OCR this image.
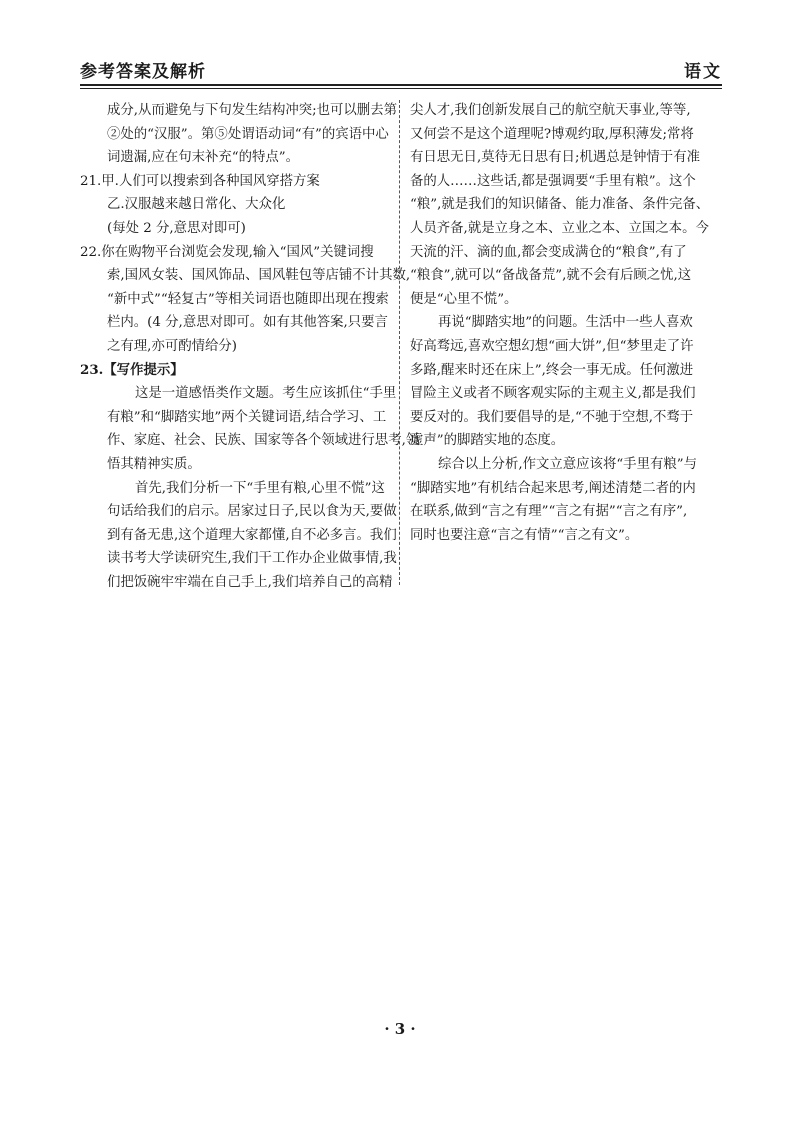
参考答案及解析	语文
成分,从而避免与下句发生结构冲突;也可以删去第
②处的“汉服”。第⑤处谓语动词“有”的宾语中心
词遗漏,应在句末补充“的特点”。
21.甲.人们可以搜索到各种国风穿搭方案
乙.汉服越来越日常化、大众化
(每处 2 分,意思对即可)
22.你在购物平台浏览会发现,输入“国风”关键词搜
索,国风女装、国风饰品、国风鞋包等店铺不计其数,
“新中式”“轻复古”等相关词语也随即出现在搜索
栏内。(4 分,意思对即可。如有其他答案,只要言
之有理,亦可酌情给分)
23.【写作提示】
这是一道感悟类作文题。考生应该抓住“手里
有粮”和“脚踏实地”两个关键词语,结合学习、工
作、家庭、社会、民族、国家等各个领域进行思考,领
悟其精神实质。
首先,我们分析一下“手里有粮,心里不慌”这
句话给我们的启示。居家过日子,民以食为天,要做
到有备无患,这个道理大家都懂,自不必多言。我们
读书考大学读研究生,我们干工作办企业做事情,我
们把饭碗牢牢端在自己手上,我们培养自己的高精
尖人才,我们创新发展自己的航空航天事业,等等,
又何尝不是这个道理呢?博观约取,厚积薄发;常将
有日思无日,莫待无日思有日;机遇总是钟情于有准
备的人……这些话,都是强调要“手里有粮”。这个
“粮”,就是我们的知识储备、能力准备、条件完备、
人员齐备,就是立身之本、立业之本、立国之本。今
天流的汗、滴的血,都会变成满仓的“粮食”,有了
“粮食”,就可以“备战备荒”,就不会有后顾之忧,这
便是“心里不慌”。
再说“脚踏实地”的问题。生活中一些人喜欢
好高骛远,喜欢空想幻想“画大饼”,但“梦里走了许
多路,醒来时还在床上”,终会一事无成。任何激进
冒险主义或者不顾客观实际的主观主义,都是我们
要反对的。我们要倡导的是,“不驰于空想,不骛于
虚声”的脚踏实地的态度。
综合以上分析,作文立意应该将“手里有粮”与
“脚踏实地”有机结合起来思考,阐述清楚二者的内
在联系,做到“言之有理”“言之有据”“言之有序”,
同时也要注意“言之有情”“言之有文”。
· 3 ·
